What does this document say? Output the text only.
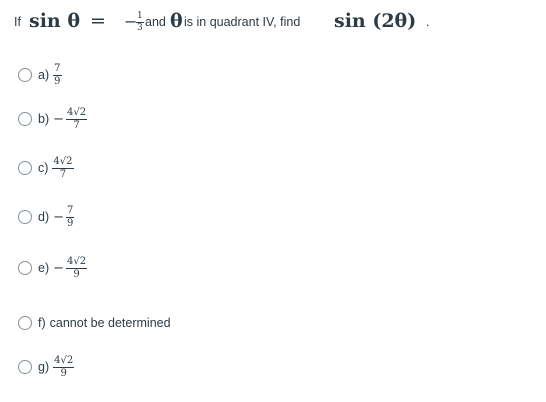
If sin θ = −
$\frac{1}{3}$ and θ is in quadrant IV, find sin (2θ) .
$a) \frac{7}{9}$
$b) - \frac{4√2}{7}$
$c) \frac{4√2}{7}$
$d) - \frac{7}{9}$
$e) - \frac{4√2}{9}$
f) cannot be determined
$g) \frac{4√2}{9}$
